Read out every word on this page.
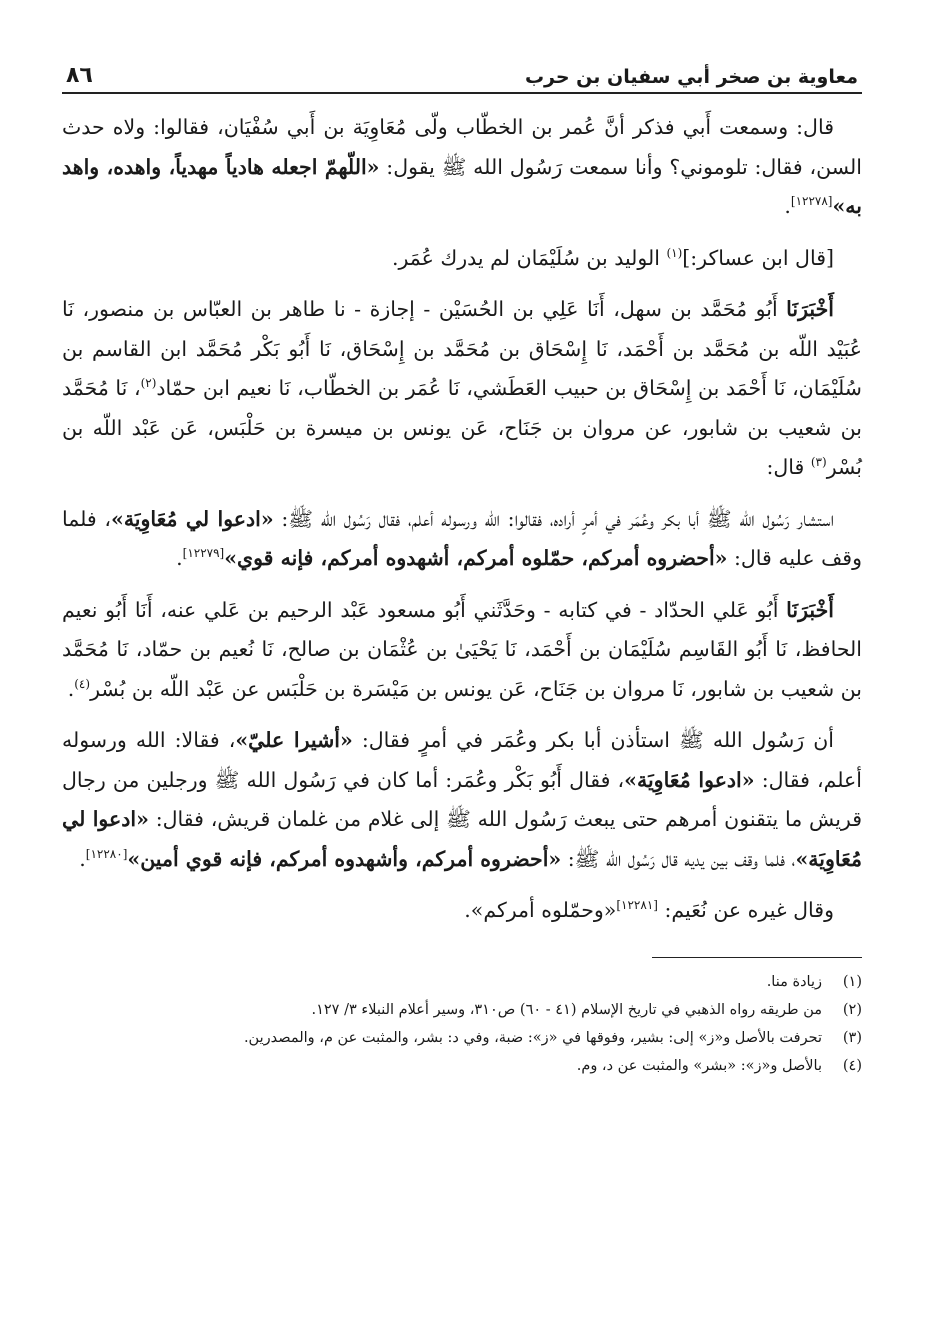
معاوية بن صخر أبي سفيان بن حرب
٨٦

قال: وسمعت أَبي فذكر أنَّ عُمر بن الخطّاب ولّى مُعَاوِيَة بن أَبي سُفْيَان، فقالوا: ولاه حدث السن، فقال: تلوموني؟ وأنا سمعت رَسُول الله ﷺ يقول: «اللّهمّ اجعله هادياً مهدياً، واهده، واهد به»[١٢٢٧٨].

[قال ابن عساكر:]$^{(١)}$ الوليد بن سُلَيْمَان لم يدرك عُمَر.

أَخْبَرَنَا أَبُو مُحَمَّد بن سهل، أَنَا عَلِي بن الحُسَيْن - إجازة - نا طاهر بن العبّاس بن منصور، نَا عُبَيْد اللّه بن مُحَمَّد بن أَحْمَد، نَا إِسْحَاق بن مُحَمَّد بن إِسْحَاق، نَا أَبُو بَكْر مُحَمَّد ابن القاسم بن سُلَيْمَان، نَا أَحْمَد بن إِسْحَاق بن حبيب العَطَشي، نَا عُمَر بن الخطّاب، نَا نعيم ابن حمّاد$^{(٢)}$، نَا مُحَمَّد بن شعيب بن شابور، عن مروان بن جَنَاح، عَن يونس بن ميسرة بن حَلْبَس، عَن عَبْد اللّه بن بُسْر$^{(٣)}$ قال:

استشار رَسُول الله ﷺ أبا بكر وعُمَر في أمرٍ أراده، فقالوا: الله ورسوله أعلم، فقال رَسُول الله ﷺ: «ادعوا لي مُعَاوِيَة»، فلما وقف عليه قال: «أحضروه أمركم، حمّلوه أمركم، أشهدوه أمركم، فإنه قوي»[١٢٢٧٩].

أَخْبَرَنَا أَبُو عَلي الحدّاد - في كتابه - وحَدَّثَني أَبُو مسعود عَبْد الرحيم بن عَلي عنه، أَنَا أَبُو نعيم الحافظ، نَا أَبُو القَاسِم سُلَيْمَان بن أَحْمَد، نَا يَحْيَىٰ بن عُثْمَان بن صالح، نَا نُعيم بن حمّاد، نَا مُحَمَّد بن شعيب بن شابور، نَا مروان بن جَنَاح، عَن يونس بن مَيْسَرة بن حَلْبَس عن عَبْد اللّه بن بُسْر$^{(٤)}$.

أن رَسُول الله ﷺ استأذن أبا بكر وعُمَر في أمرٍ فقال: «أشيرا عليّ»، فقالا: الله ورسوله أعلم، فقال: «ادعوا مُعَاوِيَة»، فقال أَبُو بَكْر وعُمَر: أما كان في رَسُول الله ﷺ ورجلين من رجال قريش ما يتقنون أمرهم حتى يبعث رَسُول الله ﷺ إلى غلام من غلمان قريش، فقال: «ادعوا لي مُعَاوِيَة»، فلما وقف بين يديه قال رَسُول الله ﷺ: «أحضروه أمركم، وأشهدوه أمركم، فإنه قوي أمين»[١٢٢٨٠].

وقال غيره عن نُعَيم: [١٢٢٨١]«وحمّلوه أمركم».

(١)
زيادة منا.

(٢)
من طريقه رواه الذهبي في تاريخ الإسلام (٤١ - ٦٠) ص٣١٠، وسير أعلام النبلاء ٣/ ١٢٧.

(٣)
تحرفت بالأصل و«ز» إلى: بشير، وفوقها في «ز»: ضبة، وفي د: بشر، والمثبت عن م، والمصدرين.

(٤)
بالأصل و«ز»: «بشر» والمثبت عن د، وم.
